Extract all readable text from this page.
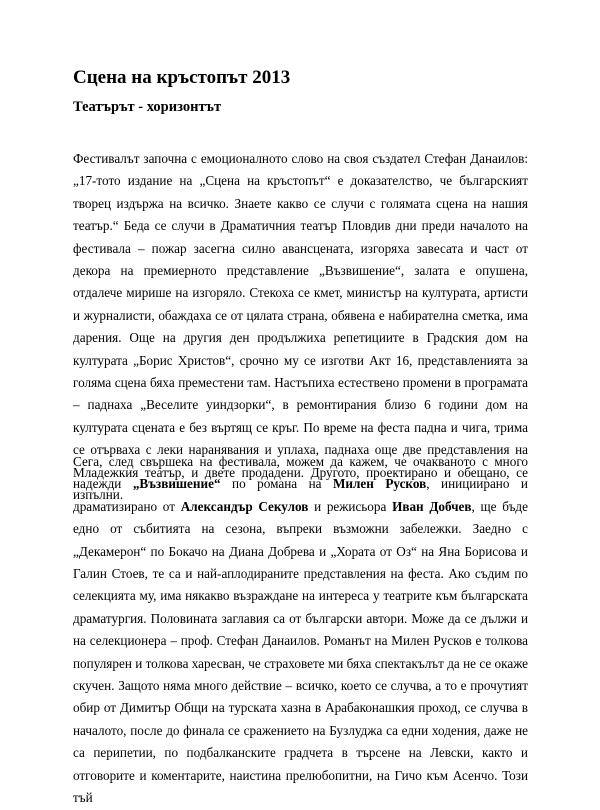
Сцена на кръстопът 2013
Театърът - хоризонтът

Фестивалът започна с емоционалното слово на своя създател Стефан Данаилов: „17-тото издание на „Сцена на кръстопът“ е доказателство, че българският творец издържа на всичко. Знаете какво се случи с голямата сцена на нашия театър.“ Беда се случи в Драматичния театър Пловдив дни преди началото на фестивала – пожар засегна силно авансцената, изгоряха завесата и част от декора на премиерното представление „Възвишение“, залата е опушена, отдалече мирише на изгоряло. Стекоха се кмет, министър на културата, артисти и журналисти, обаждаха се от цялата страна, обявена е набирателна сметка, има дарения. Още на другия ден продължиха репетициите в Градския дом на културата „Борис Христов“, срочно му се изготви Акт 16, представленията за голяма сцена бяха преместени там. Настъпиха естествено промени в програмата – паднаха „Веселите уиндзорки“, в ремонтирания близо 6 години дом на културата сцената е без въртящ се кръг. По време на феста падна и чига, трима се отърваха с леки наранявания и уплаха, паднаха още две представления на Младежкия театър, и двете продадени. Другото, проектирано и обещано, се изпълни.

Сега, след свършека на фестивала, можем да кажем, че очакваното с много надежди „Възвишение“ по романа на Милен Русков, инициирано и драматизирано от Александър Секулов и режисьора Иван Добчев, ще бъде едно от събитията на сезона, въпреки възможни забележки. Заедно с „Декамерон“ по Бокачо на Диана Добрева и „Хората от Оз“ на Яна Борисова и Галин Стоев, те са и най-аплодираните представления на феста. Ако съдим по селекцията му, има някакво възраждане на интереса у театрите към българската драматургия. Половината заглавия са от български автори. Може да се дължи и на селекционера – проф. Стефан Данаилов. Романът на Милен Русков е толкова популярен и толкова харесван, че страховете ми бяха спектакълът да не се окаже скучен. Защото няма много действие – всичко, което се случва, а то е прочутият обир от Димитър Общи на турската хазна в Арабаконашкия проход, се случва в началото, после до финала се сражението на Бузлуджа са едни ходения, даже не са перипетии, по подбалканските градчета в търсене на Левски, както и отговорите и коментарите, наистина прелюбопитни, на Гичо към Асенчо. Този тъй
